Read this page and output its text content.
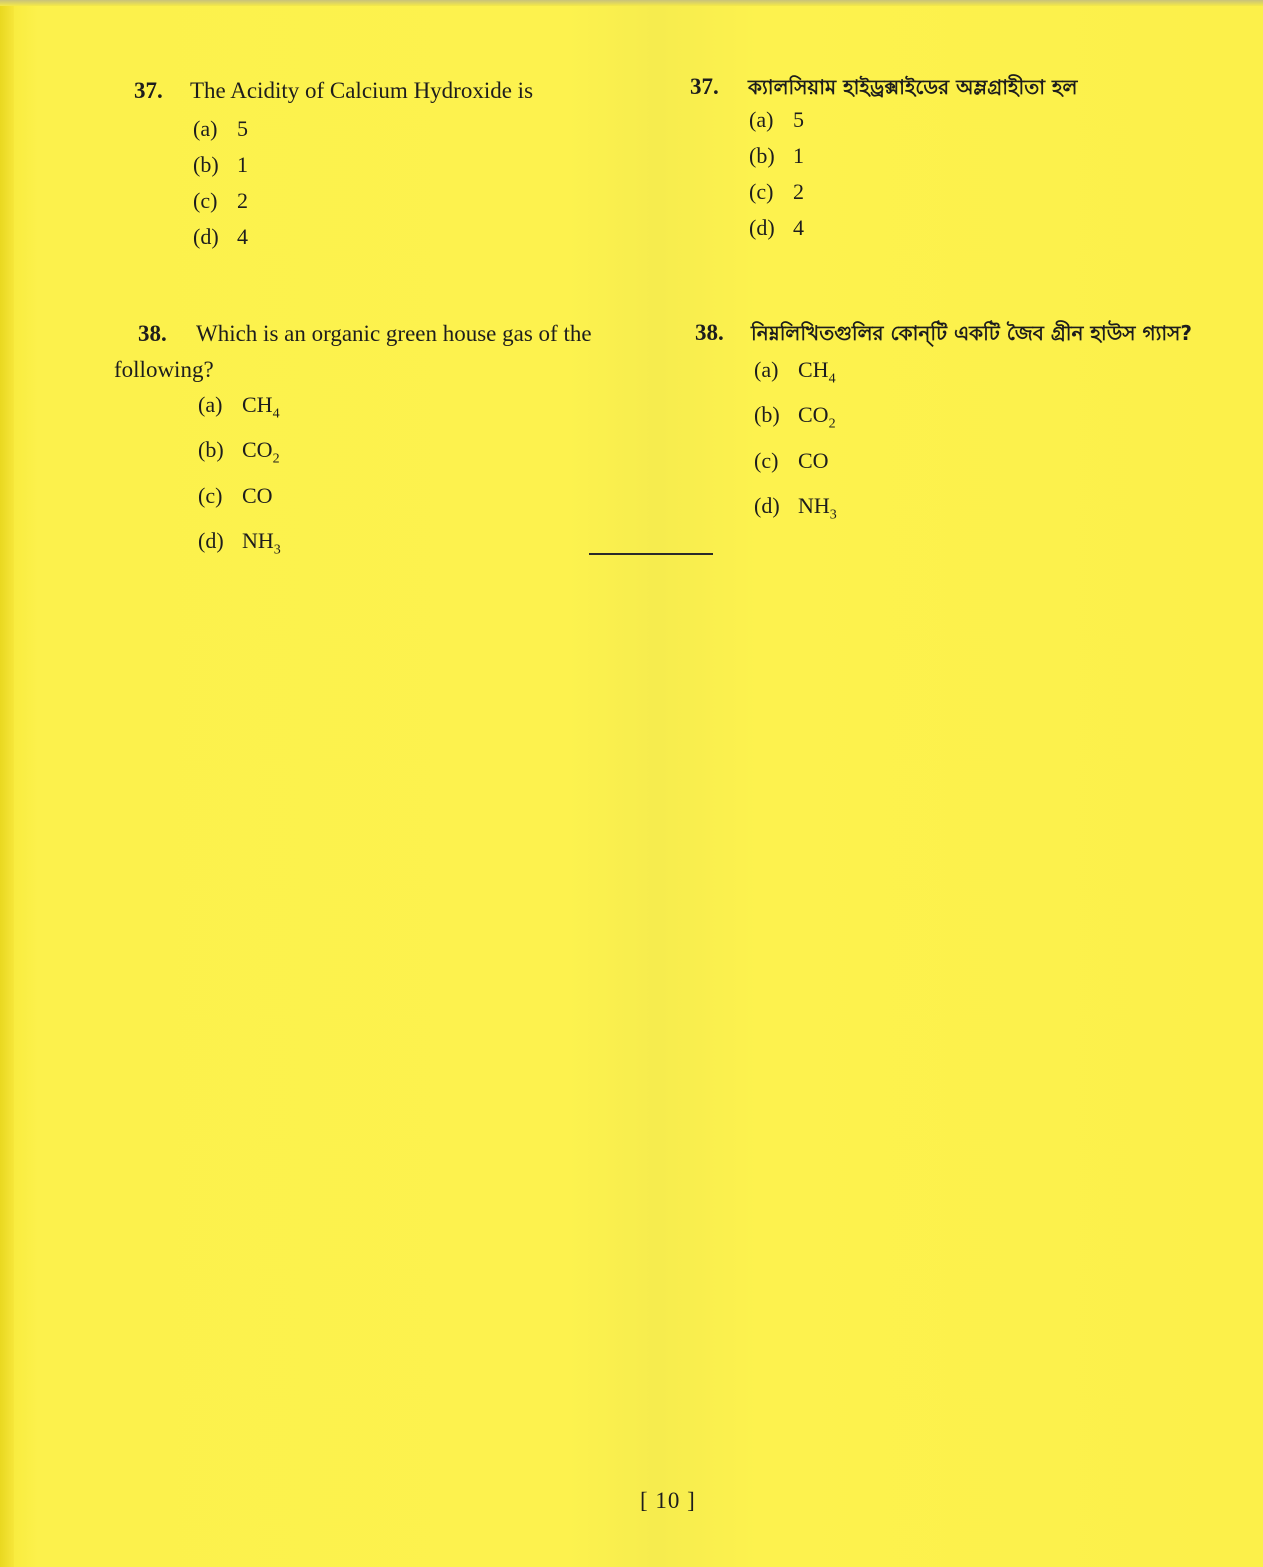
37. The Acidity of Calcium Hydroxide is
(a) 5
(b) 1
(c) 2
(d) 4
38. Which is an organic green house gas of the
following?
(a) $CH_4$
(b) $CO_2$
(c) CO
(d) $NH_3$
37. ক্যালসিয়াম হাইড্রক্সাইডের অম্লগ্রাহীতা হল
(a) 5
(b) 1
(c) 2
(d) 4
38. নিম্নলিখিতগুলির কোন্‌টি একটি জৈব গ্রীন হাউস গ্যাস?
(a) $CH_4$
(b) $CO_2$
(c) CO
(d) $NH_3$
[ 10 ]
